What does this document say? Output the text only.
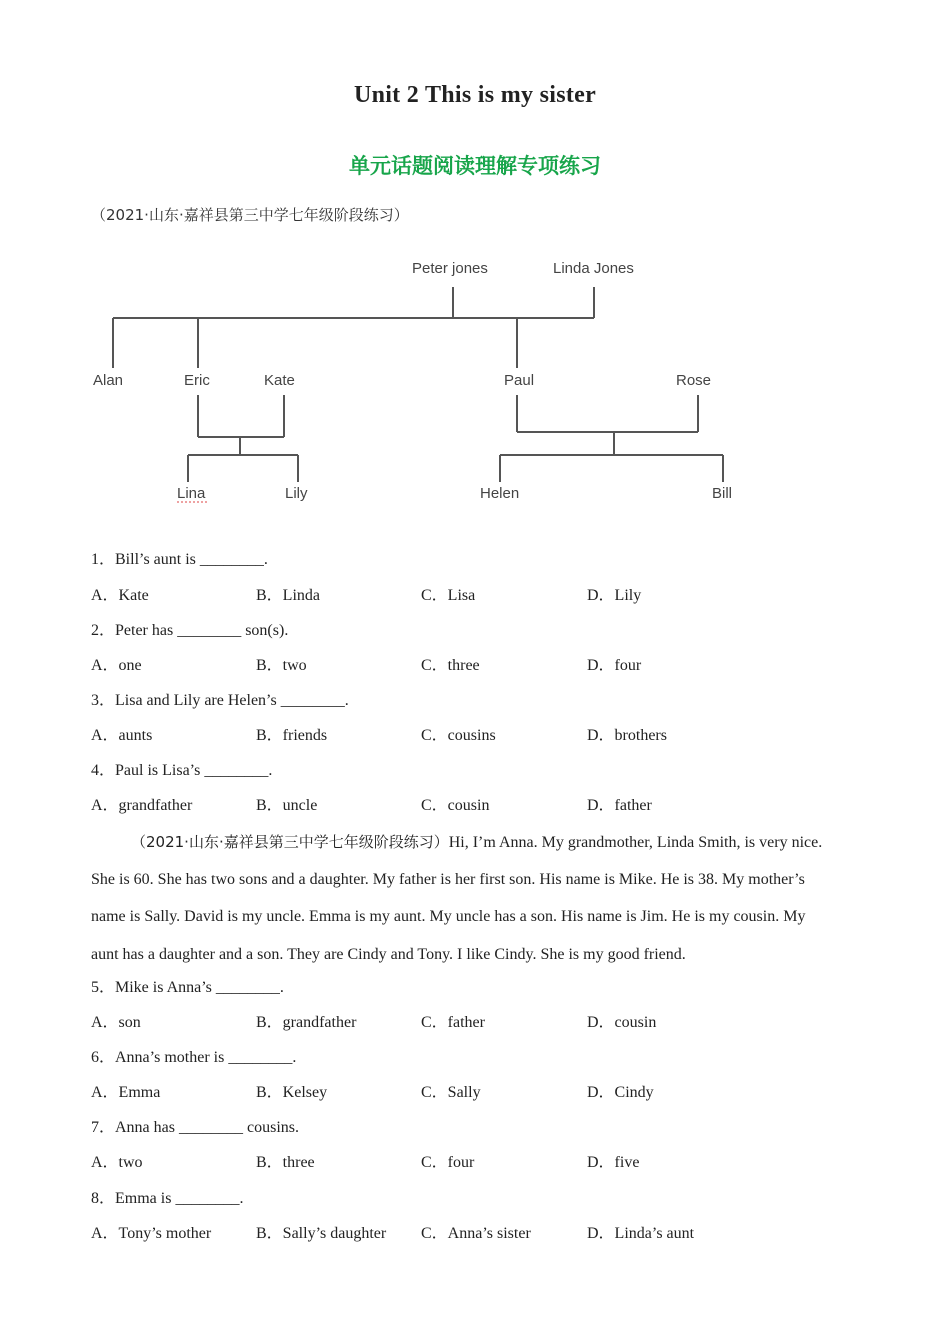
Unit 2 This is my sister
单元话题阅读理解专项练习
（2021·山东·嘉祥县第三中学七年级阶段练习）
Peter jones	Linda Jones
Alan	Eric	Kate	Paul	Rose
Lina	Lily	Helen	Bill
1．Bill’s aunt is ________.
A．Kate	B．Linda	C．Lisa	D．Lily
2．Peter has ________ son(s).
A．one	B．two	C．three	D．four
3．Lisa and Lily are Helen’s ________.
A．aunts	B．friends	C．cousins	D．brothers
4．Paul is Lisa’s ________.
A．grandfather	B．uncle	C．cousin	D．father
（2021·山东·嘉祥县第三中学七年级阶段练习）Hi, I’m Anna. My grandmother, Linda Smith, is very nice. She is 60. She has two sons and a daughter. My father is her first son. His name is Mike. He is 38. My mother’s name is Sally. David is my uncle. Emma is my aunt. My uncle has a son. His name is Jim. He is my cousin. My aunt has a daughter and a son. They are Cindy and Tony. I like Cindy. She is my good friend.
5．Mike is Anna’s ________.
A．son	B．grandfather	C．father	D．cousin
6．Anna’s mother is ________.
A．Emma	B．Kelsey	C．Sally	D．Cindy
7．Anna has ________ cousins.
A．two	B．three	C．four	D．five
8．Emma is ________.
A．Tony’s mother	B．Sally’s daughter C．Anna’s sister	D．Linda’s aunt
